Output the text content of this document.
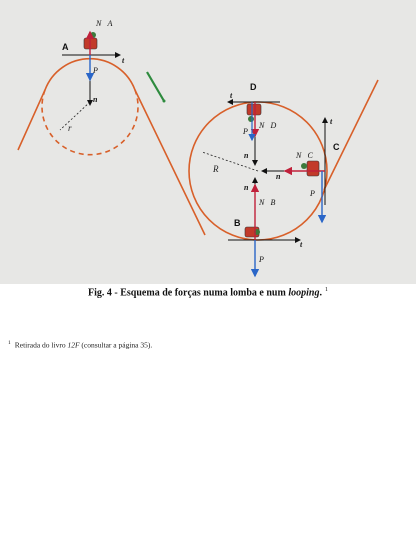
r
R
A
N⃗A
P⃗
t
n
D
t
P⃗
N⃗D
n
B
N⃗B
n
t
P⃗
C
t
N⃗C
n
P⃗
Fig. 4 - Esquema de forças numa lomba e num looping. $^1$
$^1$ Retirada do livro 12F (consultar a página 35).
